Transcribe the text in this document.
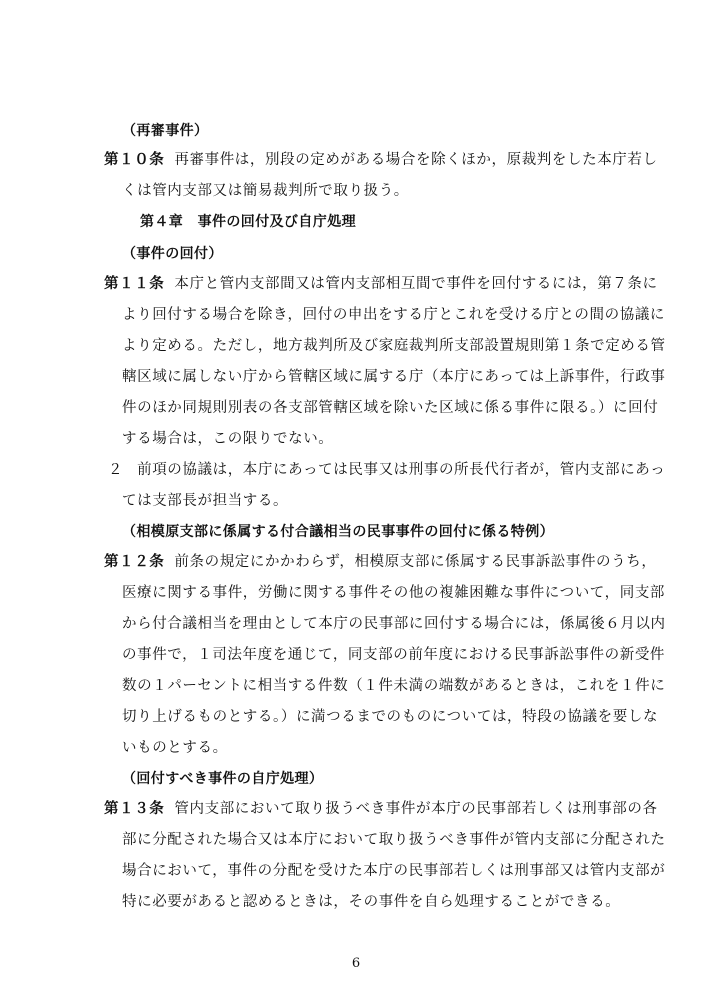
（再審事件）
第１０条 再審事件は，別段の定めがある場合を除くほか，原裁判をした本庁若し
くは管内支部又は簡易裁判所で取り扱う。
第４章　事件の回付及び自庁処理
（事件の回付）
第１１条 本庁と管内支部間又は管内支部相互間で事件を回付するには，第７条に
より回付する場合を除き，回付の申出をする庁とこれを受ける庁との間の協議に
より定める。ただし，地方裁判所及び家庭裁判所支部設置規則第１条で定める管
轄区域に属しない庁から管轄区域に属する庁（本庁にあっては上訴事件，行政事
件のほか同規則別表の各支部管轄区域を除いた区域に係る事件に限る。）に回付
する場合は，この限りでない。
２ 前項の協議は，本庁にあっては民事又は刑事の所長代行者が，管内支部にあっ
ては支部長が担当する。
（相模原支部に係属する付合議相当の民事事件の回付に係る特例）
第１２条 前条の規定にかかわらず，相模原支部に係属する民事訴訟事件のうち，
医療に関する事件，労働に関する事件その他の複雑困難な事件について，同支部
から付合議相当を理由として本庁の民事部に回付する場合には，係属後６月以内
の事件で，１司法年度を通じて，同支部の前年度における民事訴訟事件の新受件
数の１パーセントに相当する件数（１件未満の端数があるときは，これを１件に
切り上げるものとする。）に満つるまでのものについては，特段の協議を要しな
いものとする。
（回付すべき事件の自庁処理）
第１３条 管内支部において取り扱うべき事件が本庁の民事部若しくは刑事部の各
部に分配された場合又は本庁において取り扱うべき事件が管内支部に分配された
場合において，事件の分配を受けた本庁の民事部若しくは刑事部又は管内支部が
特に必要があると認めるときは，その事件を自ら処理することができる。
6
